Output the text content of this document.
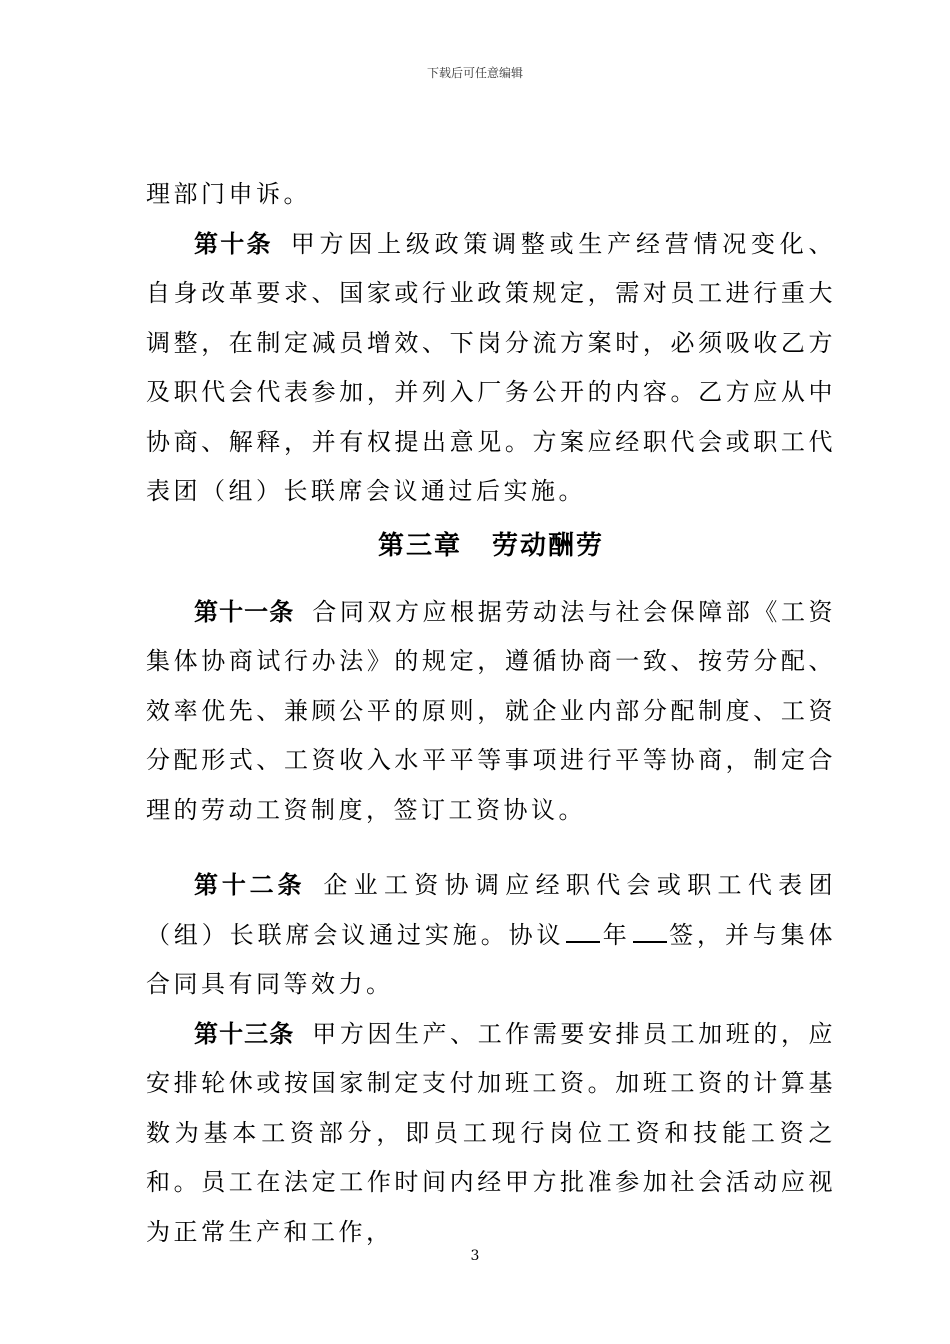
下载后可任意编辑

理部门申诉。

第十条 甲方因上级政策调整或生产经营情况变化、自身改革要求、国家或行业政策规定，需对员工进行重大调整，在制定减员增效、下岗分流方案时，必须吸收乙方及职代会代表参加，并列入厂务公开的内容。乙方应从中协商、解释，并有权提出意见。方案应经职代会或职工代表团（组）长联席会议通过后实施。

第三章 劳动酬劳

第十一条 合同双方应根据劳动法与社会保障部《工资集体协商试行办法》的规定，遵循协商一致、按劳分配、效率优先、兼顾公平的原则，就企业内部分配制度、工资分配形式、工资收入水平平等事项进行平等协商，制定合理的劳动工资制度，签订工资协议。

第十二条 企业工资协调应经职代会或职工代表团（组）长联席会议通过实施。协议 年 签，并与集体合同具有同等效力。

第十三条 甲方因生产、工作需要安排员工加班的，应安排轮休或按国家制定支付加班工资。加班工资的计算基数为基本工资部分，即员工现行岗位工资和技能工资之和。员工在法定工作时间内经甲方批准参加社会活动应视为正常生产和工作，

3
